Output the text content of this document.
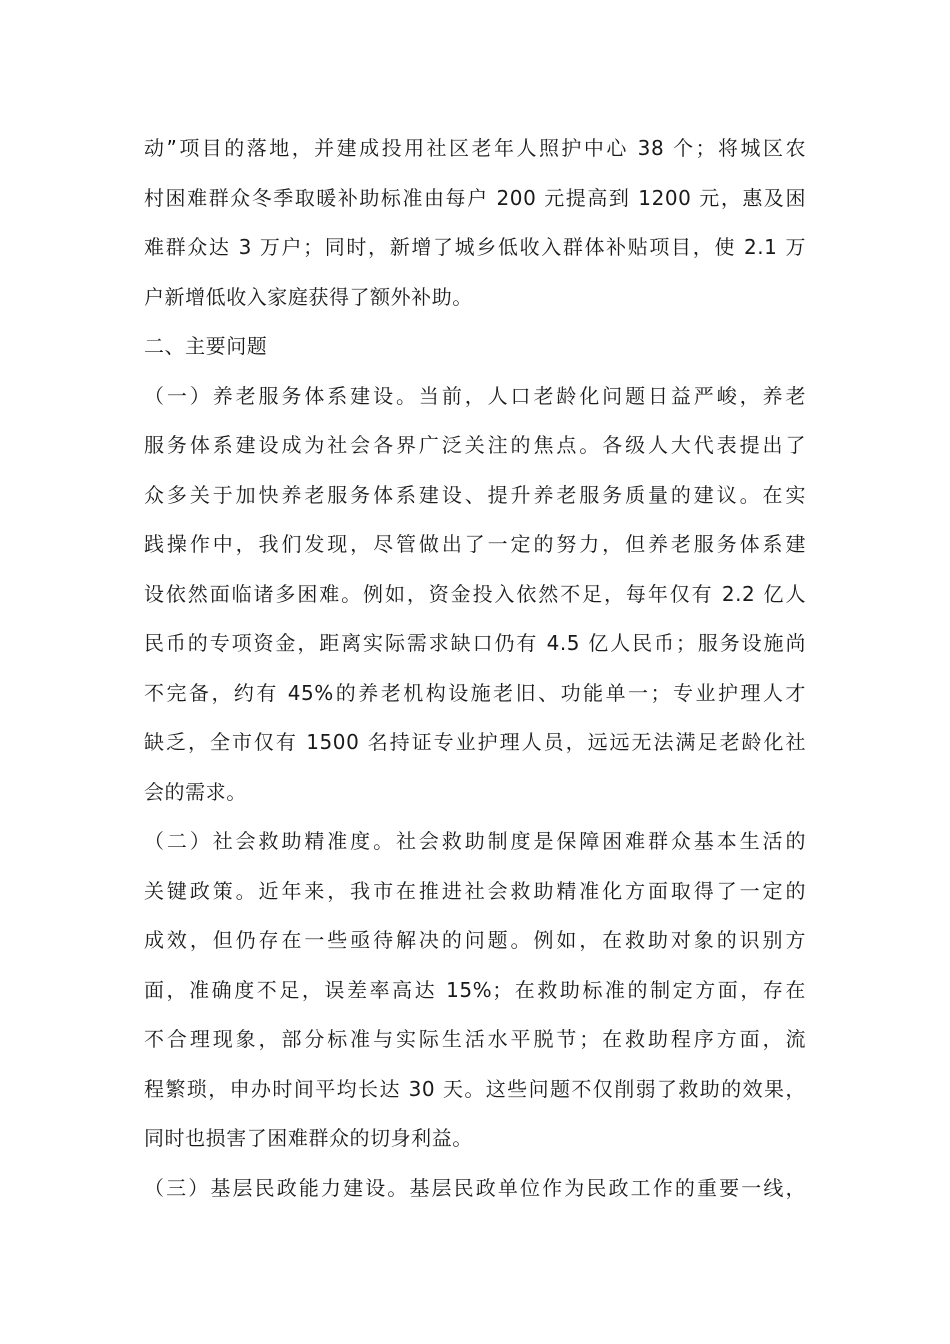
动”项目的落地，并建成投用社区老年人照护中心 38 个；将城区农
村困难群众冬季取暖补助标准由每户 200 元提高到 1200 元，惠及困
难群众达 3 万户；同时，新增了城乡低收入群体补贴项目，使 2.1 万
户新增低收入家庭获得了额外补助。
二、主要问题
（一）养老服务体系建设。当前，人口老龄化问题日益严峻，养老
服务体系建设成为社会各界广泛关注的焦点。各级人大代表提出了
众多关于加快养老服务体系建设、提升养老服务质量的建议。在实
践操作中，我们发现，尽管做出了一定的努力，但养老服务体系建
设依然面临诸多困难。例如，资金投入依然不足，每年仅有 2.2 亿人
民币的专项资金，距离实际需求缺口仍有 4.5 亿人民币；服务设施尚
不完备，约有 45%的养老机构设施老旧、功能单一；专业护理人才
缺乏，全市仅有 1500 名持证专业护理人员，远远无法满足老龄化社
会的需求。
（二）社会救助精准度。社会救助制度是保障困难群众基本生活的
关键政策。近年来，我市在推进社会救助精准化方面取得了一定的
成效，但仍存在一些亟待解决的问题。例如，在救助对象的识别方
面，准确度不足，误差率高达 15%；在救助标准的制定方面，存在
不合理现象，部分标准与实际生活水平脱节；在救助程序方面，流
程繁琐，申办时间平均长达 30 天。这些问题不仅削弱了救助的效果，
同时也损害了困难群众的切身利益。
（三）基层民政能力建设。基层民政单位作为民政工作的重要一线，
